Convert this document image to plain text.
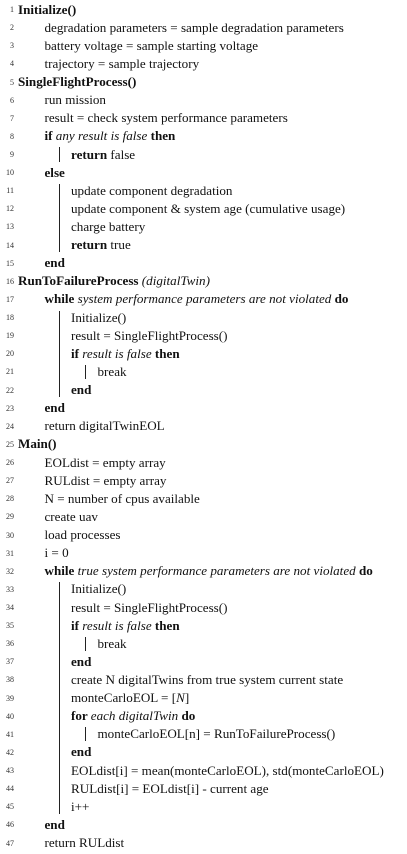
1 Initialize()
2	degradation parameters = sample degradation parameters
3	battery voltage = sample starting voltage
4	trajectory = sample trajectory
5 SingleFlightProcess()
6	run mission
7	result = check system performance parameters
8	if any result is false then
9	return false
10	else
11	update component degradation
12	update component & system age (cumulative usage)
13	charge battery
14	return true
15	end
16 RunToFailureProcess (digitalTwin)
17	while system performance parameters are not violated do
18	Initialize()
19	result = SingleFlightProcess()
20	if result is false then
21	break
22	end
23	end
24	return digitalTwinEOL
25 Main()
26	EOLdist = empty array
27	RULdist = empty array
28	N = number of cpus available
29	create uav
30	load processes
31	i = 0
32	while true system performance parameters are not violated do
33	Initialize()
34	result = SingleFlightProcess()
35	if result is false then
36	break
37	end
38	create N digitalTwins from true system current state
39	monteCarloEOL = [N]
40	for each digitalTwin do
41	monteCarloEOL[n] = RunToFailureProcess()
42	end
43	EOLdist[i] = mean(monteCarloEOL), std(monteCarloEOL)
44	RULdist[i] = EOLdist[i] - current age
45	i++
46	end
47	return RULdist
